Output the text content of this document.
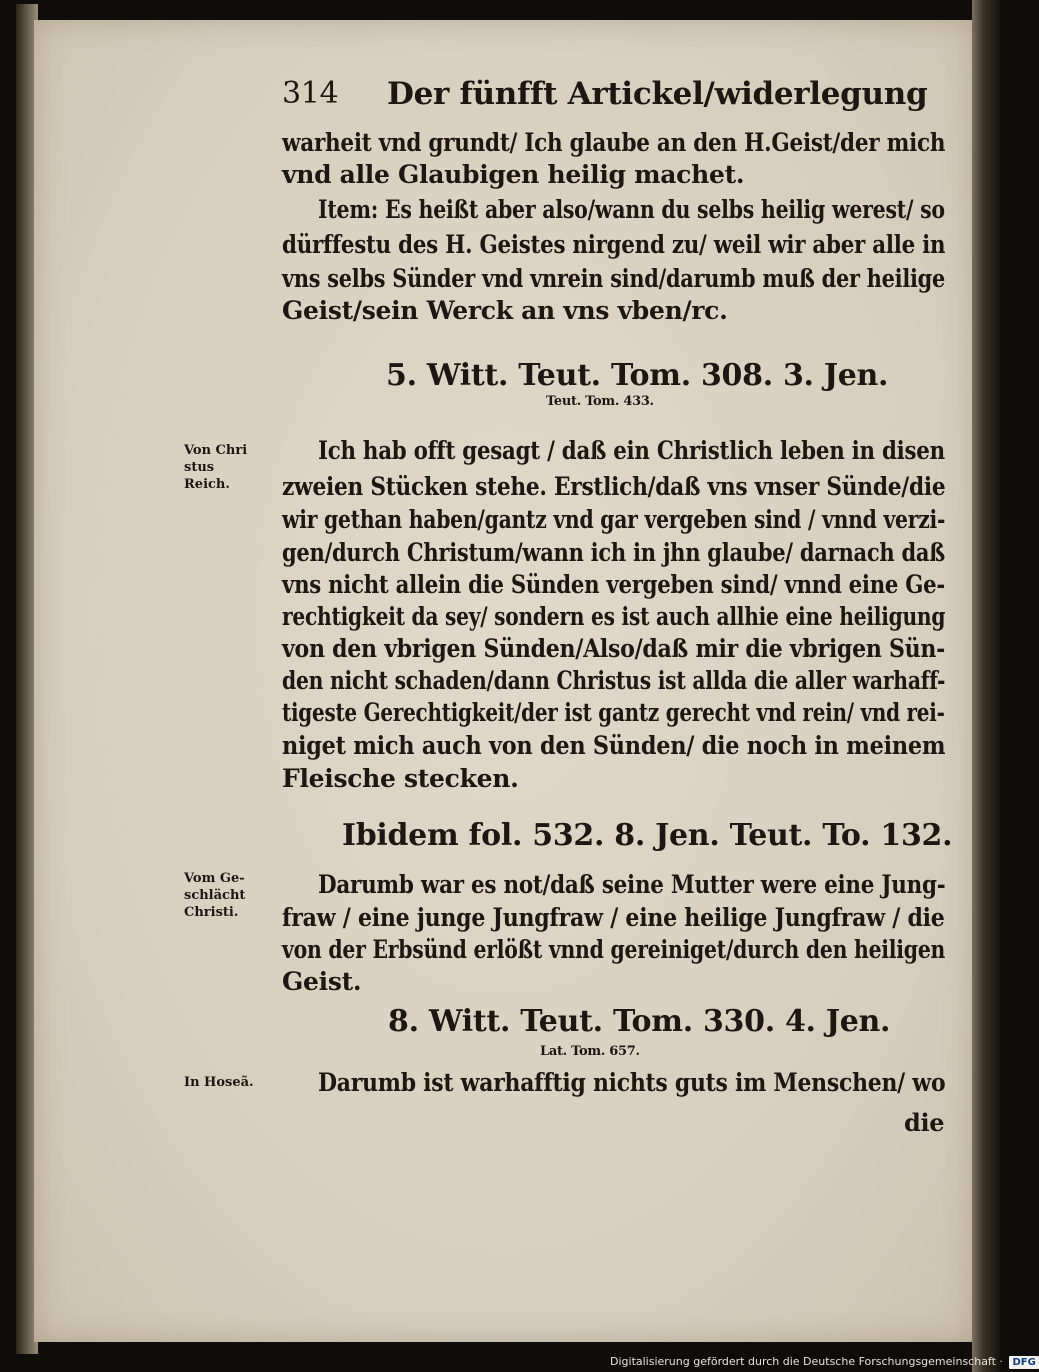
314 Der fünfft Artickel/widerlegung
warheit vnd grundt/ Ich glaube an den H.Geist/der mich
vnd alle Glaubigen heilig machet.
Item: Es heißt aber also/wann du selbs heilig werest/ so
dürffestu des H. Geistes nirgend zu/ weil wir aber alle in
vns selbs Sünder vnd vnrein sind/darumb muß der heilige
Geist/sein Werck an vns vben/rc.
5. Witt. Teut. Tom. 308. 3. Jen.
Teut. Tom. 433.
Von Chri
stus
Reich.
Ich hab offt gesagt / daß ein Christlich leben in disen
zweien Stücken stehe. Erstlich/daß vns vnser Sünde/die
wir gethan haben/gantz vnd gar vergeben sind / vnnd verzi-
gen/durch Christum/wann ich in jhn glaube/ darnach daß
vns nicht allein die Sünden vergeben sind/ vnnd eine Ge-
rechtigkeit da sey/ sondern es ist auch allhie eine heiligung
von den vbrigen Sünden/Also/daß mir die vbrigen Sün-
den nicht schaden/dann Christus ist allda die aller warhaff-
tigeste Gerechtigkeit/der ist gantz gerecht vnd rein/ vnd rei-
niget mich auch von den Sünden/ die noch in meinem
Fleische stecken.
Ibidem fol. 532. 8. Jen. Teut. To. 132.
Vom Ge-
schlächt
Christi.
Darumb war es not/daß seine Mutter were eine Jung-
fraw / eine junge Jungfraw / eine heilige Jungfraw / die
von der Erbsünd erlößt vnnd gereiniget/durch den heiligen
Geist.
8. Witt. Teut. Tom. 330. 4. Jen.
Lat. Tom. 657.
In Hoseã.	Darumb ist warhafftig nichts guts im Menschen/ wo
die
Digitalisierung gefördert durch die Deutsche Forschungsgemeinschaft · DFG
